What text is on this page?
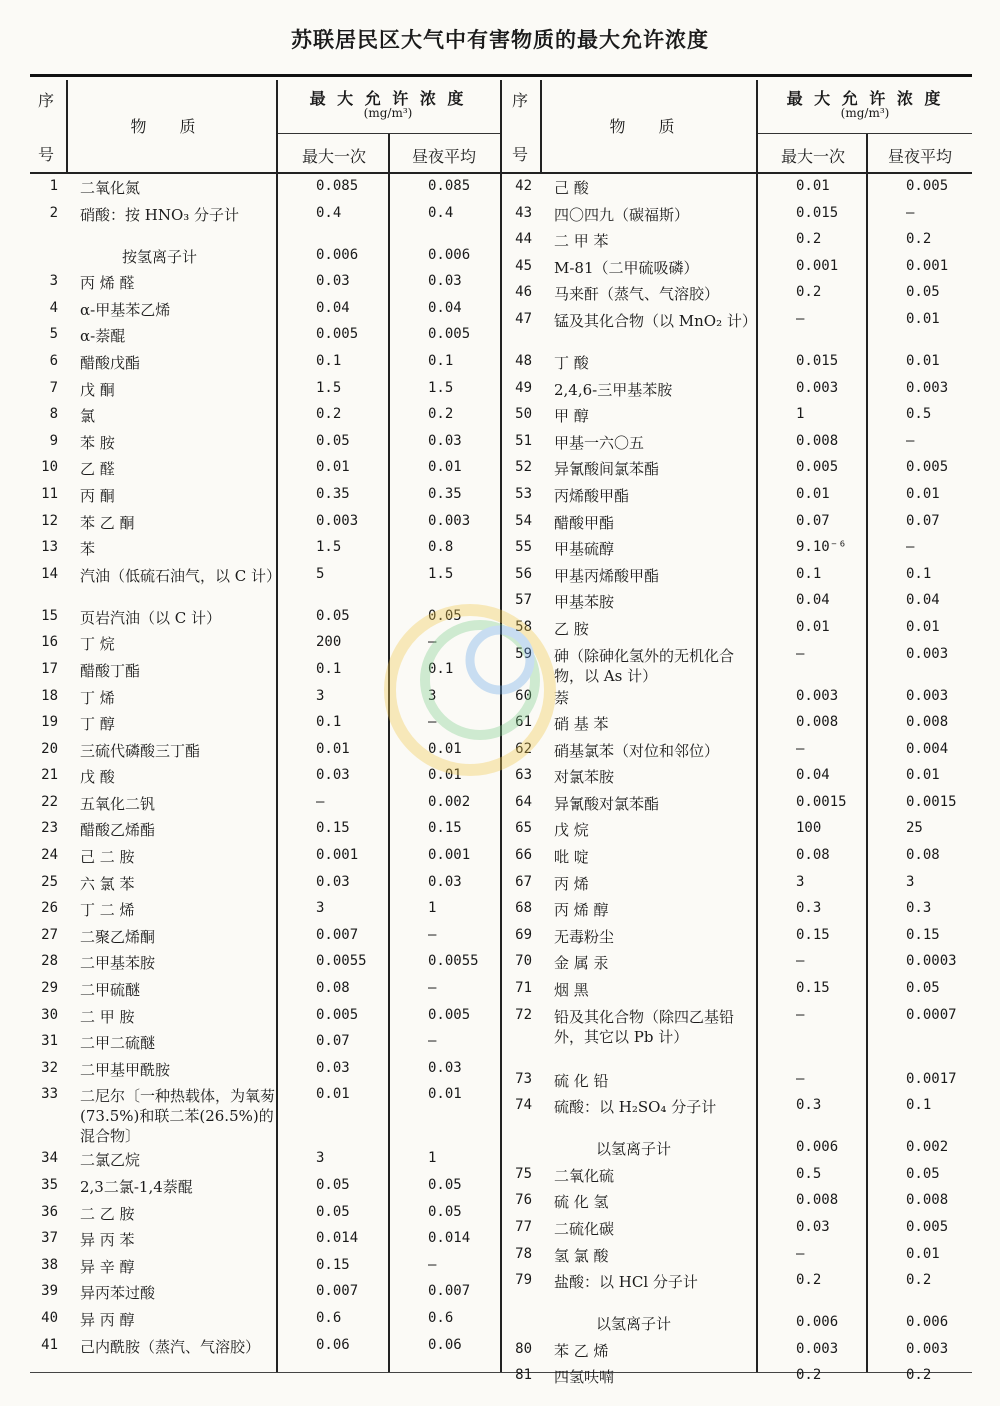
苏联居民区大气中有害物质的最大允许浓度
序
号
物 质
最 大 允 许 浓 度
(mg/m³)
最大一次	昼夜平均
序
号
物 质
最 大 允 许 浓 度
(mg/m³)
最大一次	昼夜平均
1	二氧化氮	0.085	0.085
2	硝酸：按 HNO₃ 分子计	0.4	0.4
按氢离子计	0.006	0.006
3	丙 烯 醛	0.03	0.03
4	α-甲基苯乙烯	0.04	0.04
5	α-萘醌	0.005	0.005
6	醋酸戊酯	0.1	0.1
7	戊 酮	1.5	1.5
8	氯	0.2	0.2
9	苯 胺	0.05	0.03
10	乙 醛	0.01	0.01
11	丙 酮	0.35	0.35
12	苯 乙 酮	0.003	0.003
13	苯	1.5	0.8
14	汽油（低硫石油气，以 C 计）	5	1.5
15	页岩汽油（以 C 计）	0.05	0.05
16	丁 烷	200	—
17	醋酸丁酯	0.1	0.1
18	丁 烯	3	3
19	丁 醇	0.1	—
20	三硫代磷酸三丁酯	0.01	0.01
21	戊 酸	0.03	0.01
22	五氧化二钒	—	0.002
23	醋酸乙烯酯	0.15	0.15
24	己 二 胺	0.001	0.001
25	六 氯 苯	0.03	0.03
26	丁 二 烯	3	1
27	二聚乙烯酮	0.007	—
28	二甲基苯胺	0.0055	0.0055
29	二甲硫醚	0.08	—
30	二 甲 胺	0.005	0.005
31	二甲二硫醚	0.07	—
32	二甲基甲酰胺	0.03	0.03
33	二尼尔〔一种热载体，为氧茐(73.5%)和联二苯(26.5%)的混合物〕
0.01	0.01
34	二氯乙烷	3	1
35	2,3二氯-1,4萘醌	0.05	0.05
36	二 乙 胺	0.05	0.05
37	异 丙 苯	0.014	0.014
38	异 辛 醇	0.15	—
39	异丙苯过酸	0.007	0.007
40	异 丙 醇	0.6	0.6
41	己内酰胺（蒸汽、气溶胶）	0.06	0.06
42	己 酸	0.01	0.005
43	四〇四九（碳福斯）	0.015	—
44	二 甲 苯	0.2	0.2
45	M-81（二甲硫吸磷）	0.001	0.001
46	马来酐（蒸气、气溶胶）	0.2	0.05
47	锰及其化合物（以 MnO₂ 计）	—	0.01
48	丁 酸	0.015	0.01
49	2,4,6-三甲基苯胺	0.003	0.003
50	甲 醇	1	0.5
51	甲基一六〇五	0.008	—
52	异氰酸间氯苯酯	0.005	0.005
53	丙烯酸甲酯	0.01	0.01
54	醋酸甲酯	0.07	0.07
55	甲基硫醇	9.10⁻⁶	—
56	甲基丙烯酸甲酯	0.1	0.1
57	甲基苯胺	0.04	0.04
58	乙 胺	0.01	0.01
59	砷（除砷化氢外的无机化合物，以 As 计）
—	0.003
60	萘	0.003	0.003
61	硝 基 苯	0.008	0.008
62	硝基氯苯（对位和邻位）	—	0.004
63	对氯苯胺	0.04	0.01
64	异氰酸对氯苯酯	0.0015	0.0015
65	戊 烷	100	25
66	吡 啶	0.08	0.08
67	丙 烯	3	3
68	丙 烯 醇	0.3	0.3
69	无毒粉尘	0.15	0.15
70	金 属 汞	—	0.0003
71	烟 黑	0.15	0.05
72	铅及其化合物（除四乙基铅外，其它以 Pb 计）
—	0.0007
73	硫 化 铅	—	0.0017
74	硫酸：以 H₂SO₄ 分子计	0.3	0.1
以氢离子计	0.006	0.002
75	二氧化硫	0.5	0.05
76	硫 化 氢	0.008	0.008
77	二硫化碳	0.03	0.005
78	氢 氯 酸	—	0.01
79	盐酸：以 HCl 分子计	0.2	0.2
以氢离子计	0.006	0.006
80	苯 乙 烯	0.003	0.003
81	四氢呋喃	0.2	0.2
